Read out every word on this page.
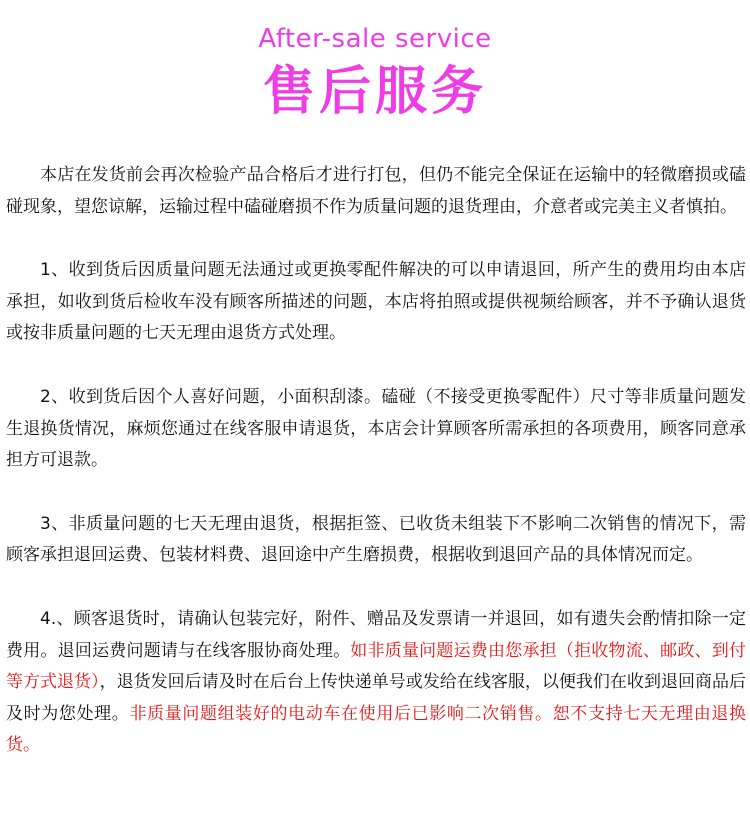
After-sale service
售后服务

本店在发货前会再次检验产品合格后才进行打包，但仍不能完全保证在运输中的轻微磨损或磕碰现象，望您谅解，运输过程中磕碰磨损不作为质量问题的退货理由，介意者或完美主义者慎拍。

1、收到货后因质量问题无法通过或更换零配件解决的可以申请退回，所产生的费用均由本店承担，如收到货后检收车没有顾客所描述的问题，本店将拍照或提供视频给顾客，并不予确认退货或按非质量问题的七天无理由退货方式处理。

2、收到货后因个人喜好问题，小面积刮漆。磕碰（不接受更换零配件）尺寸等非质量问题发生退换货情况，麻烦您通过在线客服申请退货，本店会计算顾客所需承担的各项费用，顾客同意承担方可退款。

3、非质量问题的七天无理由退货，根据拒签、已收货未组装下不影响二次销售的情况下，需顾客承担退回运费、包装材料费、退回途中产生磨损费，根据收到退回产品的具体情况而定。

4.、顾客退货时，请确认包装完好，附件、赠品及发票请一并退回，如有遗失会酌情扣除一定费用。退回运费问题请与在线客服协商处理。如非质量问题运费由您承担（拒收物流、邮政、到付等方式退货），退货发回后请及时在后台上传快递单号或发给在线客服，以便我们在收到退回商品后及时为您处理。非质量问题组装好的电动车在使用后已影响二次销售。恕不支持七天无理由退换货。
